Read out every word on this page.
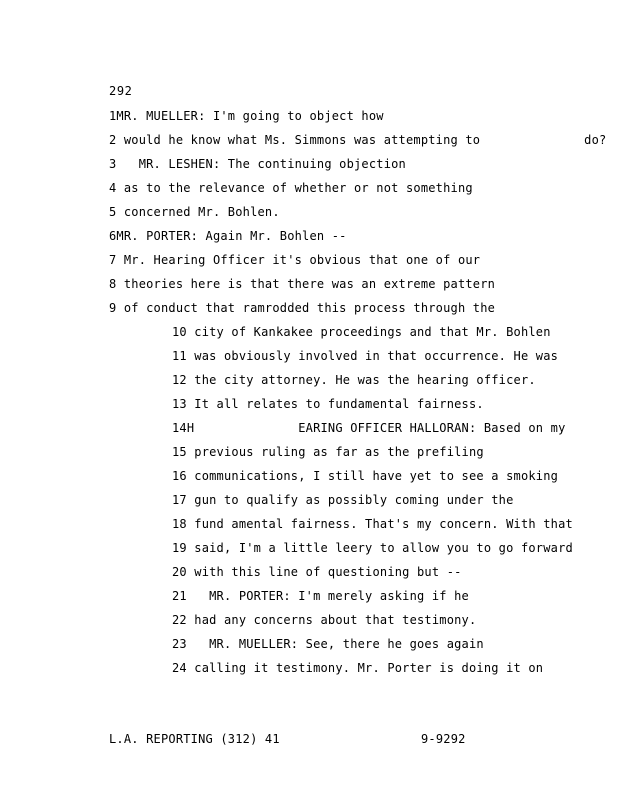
292
1MR. MUELLER: I'm going to object how
2 would he know what Ms. Simmons was attempting to              do?
3   MR. LESHEN: The continuing objection
4 as to the relevance of whether or not something
5 concerned Mr. Bohlen.
6MR. PORTER: Again Mr. Bohlen --
7 Mr. Hearing Officer it's obvious that one of our
8 theories here is that there was an extreme pattern
9 of conduct that ramrodded this process through the
10 city of Kankakee proceedings and that Mr. Bohlen
11 was obviously involved in that occurrence. He was
12 the city attorney. He was the hearing officer.
13 It all relates to fundamental fairness.
14H              EARING OFFICER HALLORAN: Based on my
15 previous ruling as far as the prefiling
16 communications, I still have yet to see a smoking
17 gun to qualify as possibly coming under the
18 fund amental fairness. That's my concern. With that
19 said, I'm a little leery to allow you to go forward
20 with this line of questioning but --
21   MR. PORTER: I'm merely asking if he
22 had any concerns about that testimony.
23   MR. MUELLER: See, there he goes again
24 calling it testimony. Mr. Porter is doing it on
L.A. REPORTING (312) 41	9-9292
